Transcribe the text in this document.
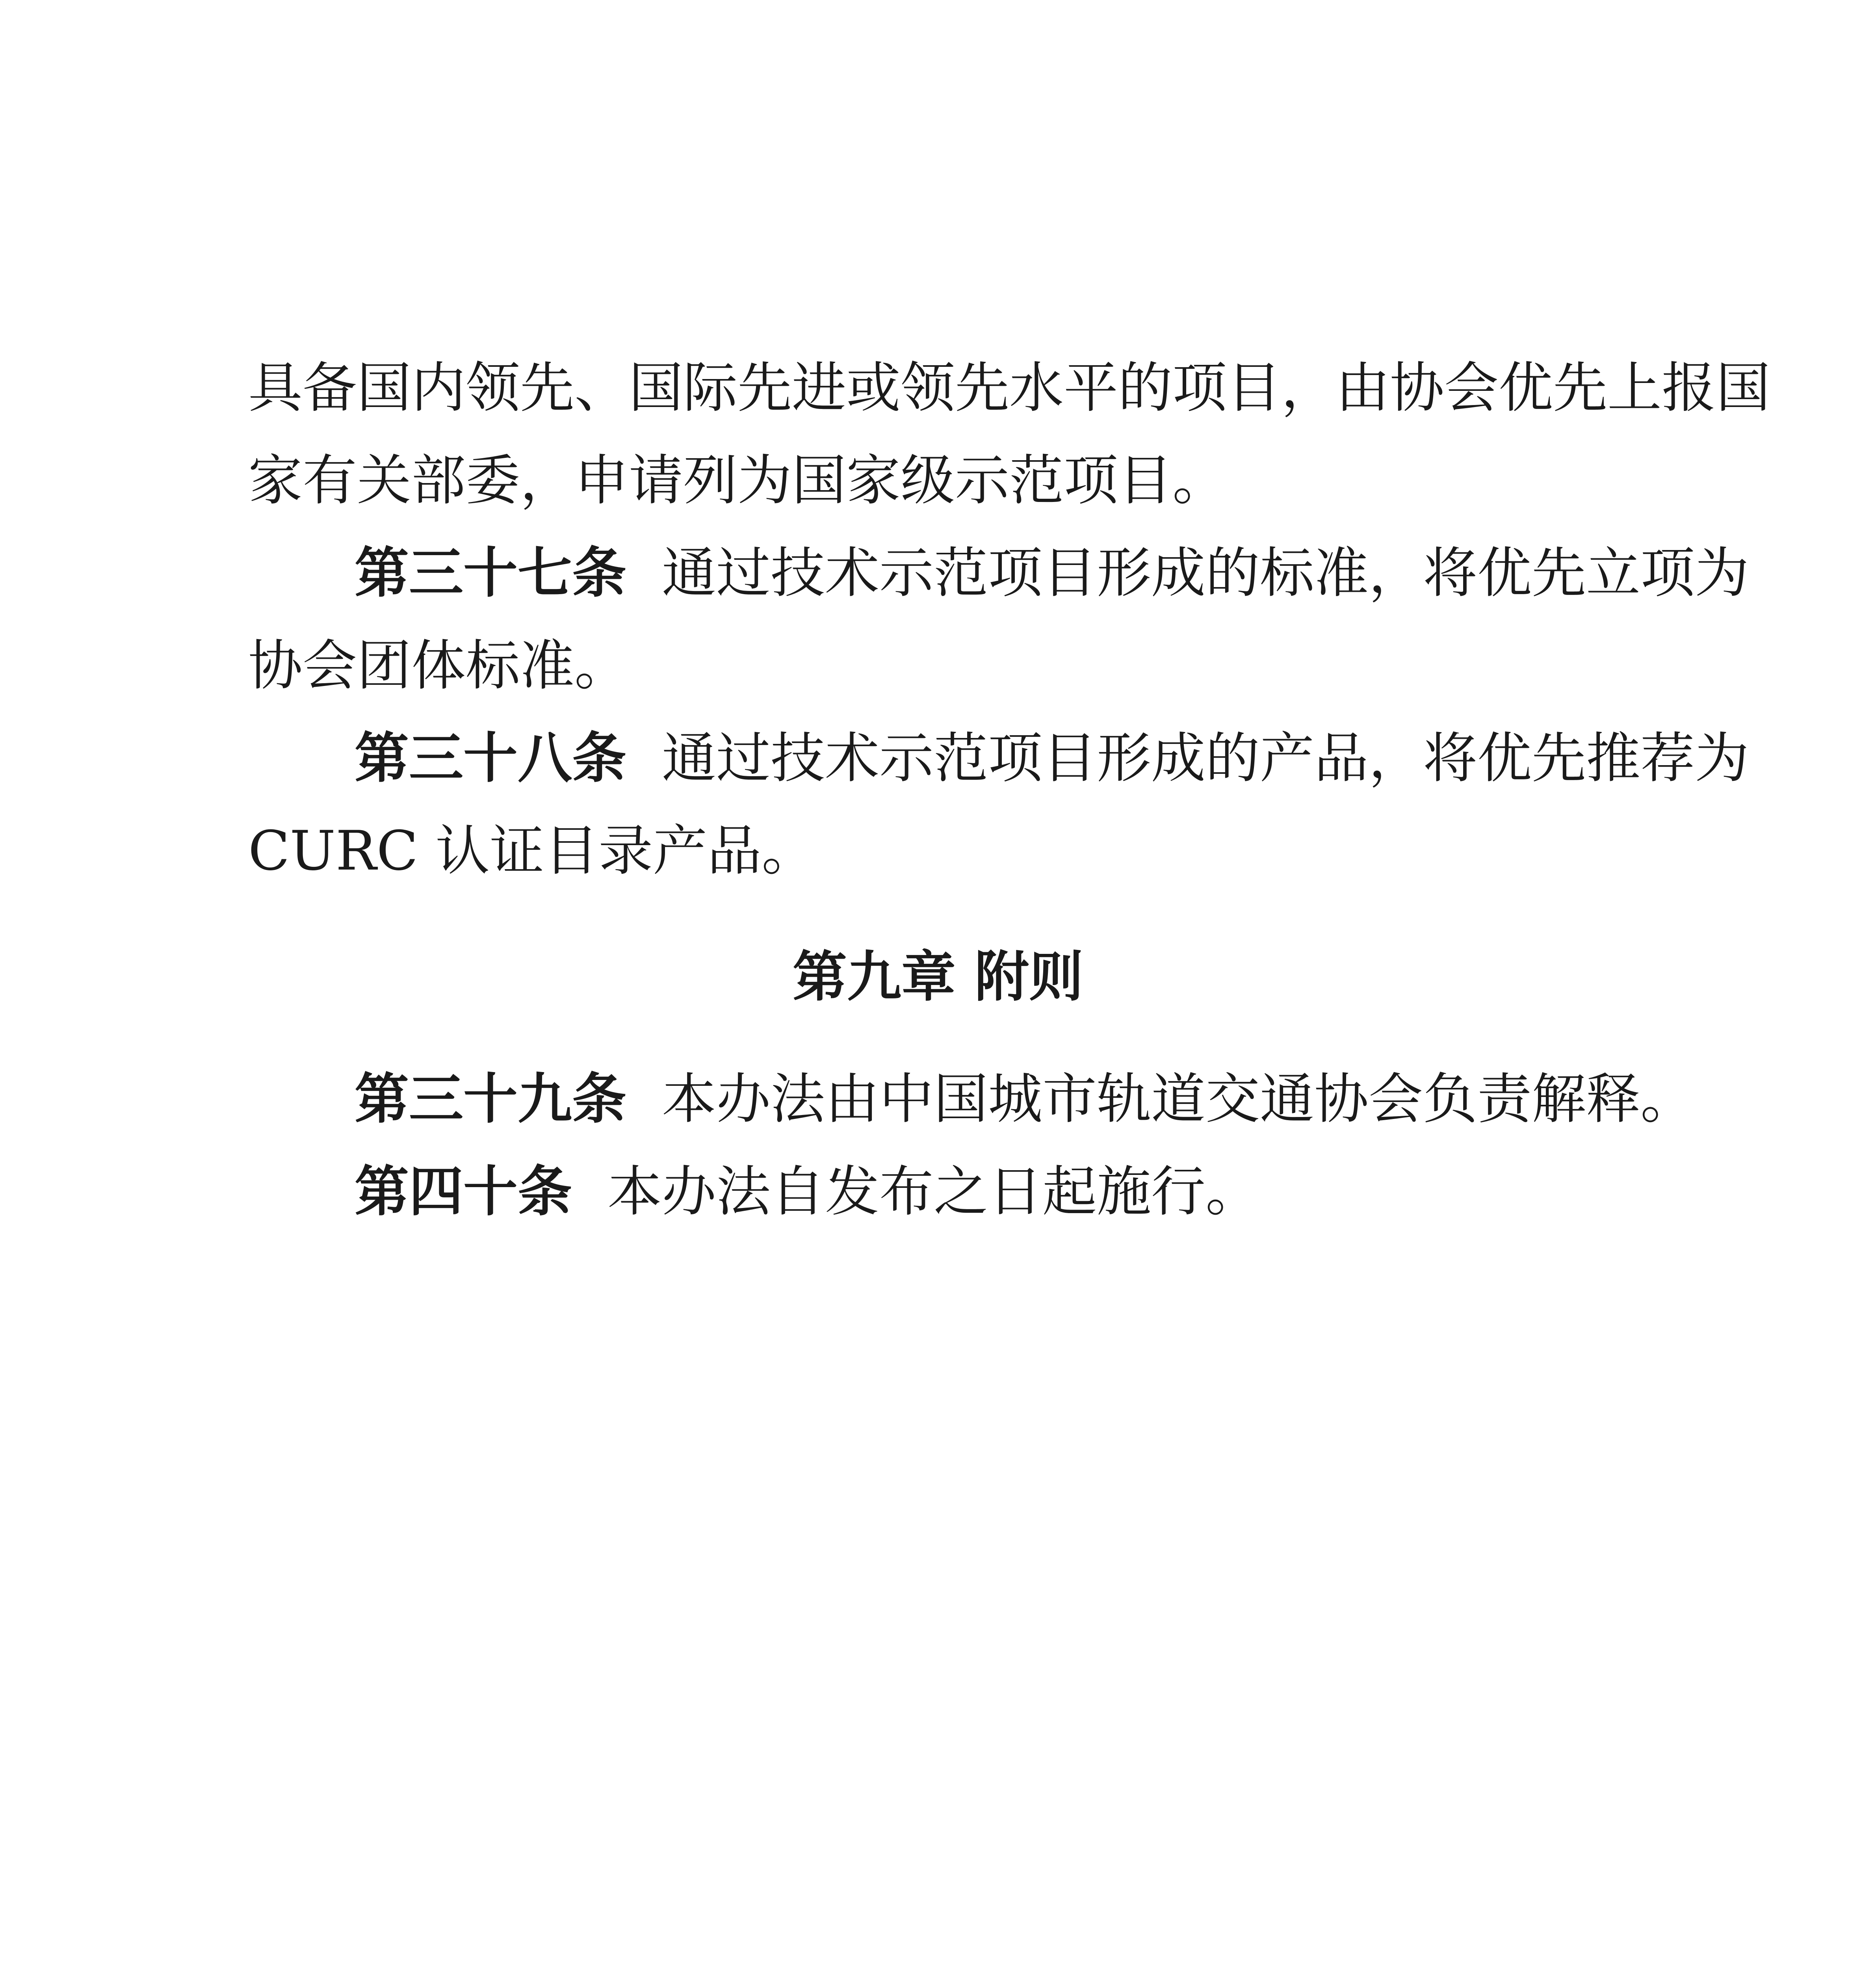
具备国内领先、国际先进或领先水平的项目，由协会优先上报国
家有关部委，申请列为国家级示范项目。
第三十七条 通过技术示范项目形成的标准，将优先立项为
协会团体标准。
第三十八条 通过技术示范项目形成的产品，将优先推荐为
CURC 认证目录产品。
第九章 附则
第三十九条 本办法由中国城市轨道交通协会负责解释。
第四十条 本办法自发布之日起施行。
